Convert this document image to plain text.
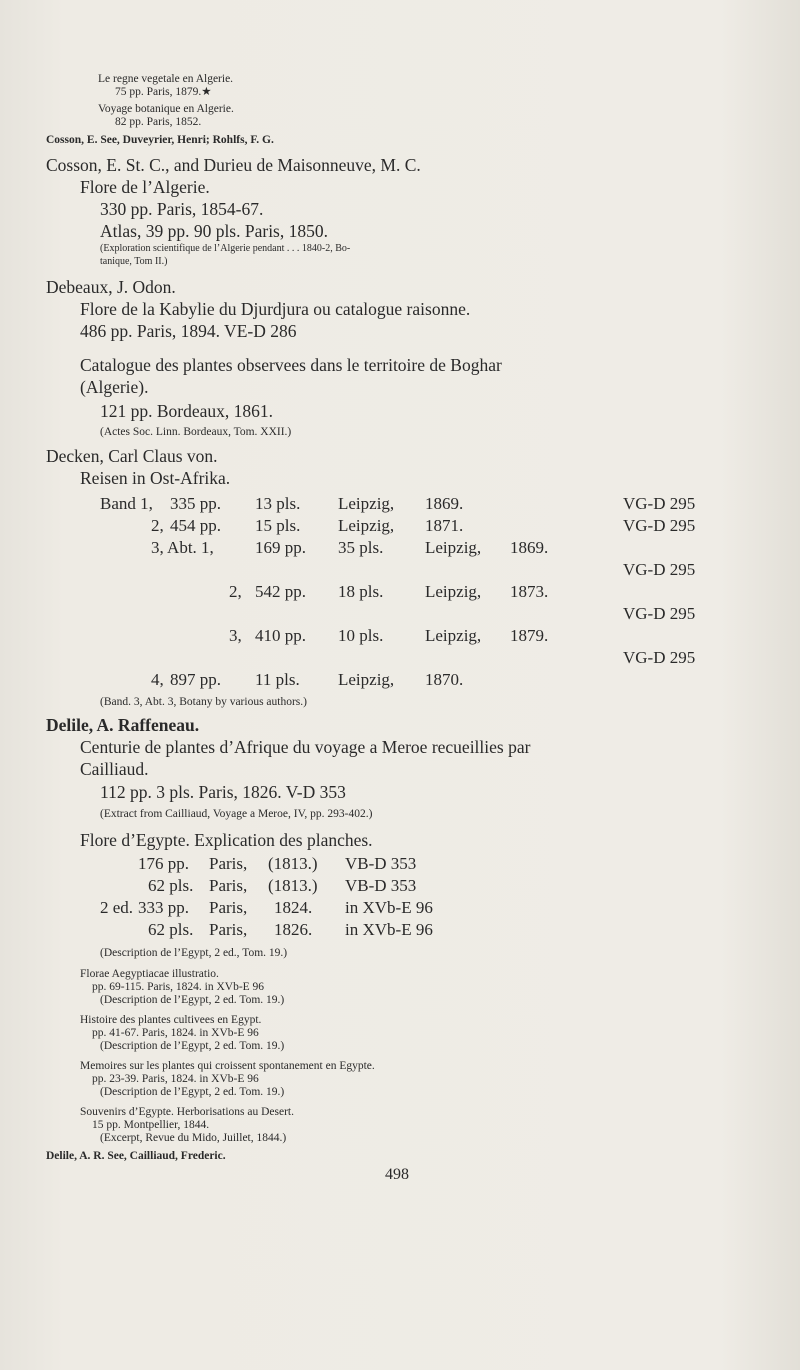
Le regne vegetale en Algerie.
75 pp. Paris, 1879.★
Voyage botanique en Algerie.
82 pp. Paris, 1852.
Cosson, E. See, Duveyrier, Henri; Rohlfs, F. G.
Cosson, E. St. C., and Durieu de Maisonneuve, M. C.
Flore de l’Algerie.
330 pp. Paris, 1854-67.
Atlas, 39 pp. 90 pls. Paris, 1850.
(Exploration scientifique de l’Algerie pendant . . . 1840-2, Bo-
tanique, Tom II.)
Debeaux, J. Odon.
Flore de la Kabylie du Djurdjura ou catalogue raisonne.
486 pp. Paris, 1894. VE-D 286
Catalogue des plantes observees dans le territoire de Boghar
(Algerie).
121 pp. Bordeaux, 1861.
(Actes Soc. Linn. Bordeaux, Tom. XXII.)
Decken, Carl Claus von.
Reisen in Ost-Afrika.
Band 1, 335 pp. 13 pls. Leipzig, 1869.	VG-D 295
2, 454 pp. 15 pls. Leipzig, 1871.	VG-D 295
3, Abt. 1, 169 pp. 35 pls. Leipzig, 1869.
VG-D 295
2, 542 pp. 18 pls. Leipzig, 1873.
VG-D 295
3, 410 pp. 10 pls. Leipzig, 1879.
VG-D 295
4, 897 pp. 11 pls. Leipzig, 1870.
(Band. 3, Abt. 3, Botany by various authors.)
Delile, A. Raffeneau.
Centurie de plantes d’Afrique du voyage a Meroe recueillies par
Cailliaud.
112 pp. 3 pls. Paris, 1826. V-D 353
(Extract from Cailliaud, Voyage a Meroe, IV, pp. 293-402.)
Flore d’Egypte. Explication des planches.
176 pp. Paris, (1813.) VB-D 353
62 pls. Paris, (1813.) VB-D 353
2 ed. 333 pp. Paris, 1824. in XVb-E 96
62 pls. Paris, 1826. in XVb-E 96
(Description de l’Egypt, 2 ed., Tom. 19.)
Florae Aegyptiacae illustratio.
pp. 69-115. Paris, 1824. in XVb-E 96
(Description de l’Egypt, 2 ed. Tom. 19.)
Histoire des plantes cultivees en Egypt.
pp. 41-67. Paris, 1824. in XVb-E 96
(Description de l’Egypt, 2 ed. Tom. 19.)
Memoires sur les plantes qui croissent spontanement en Egypte.
pp. 23-39. Paris, 1824. in XVb-E 96
(Description de l’Egypt, 2 ed. Tom. 19.)
Souvenirs d’Egypte. Herborisations au Desert.
15 pp. Montpellier, 1844.
(Excerpt, Revue du Mido, Juillet, 1844.)
Delile, A. R. See, Cailliaud, Frederic.
498
